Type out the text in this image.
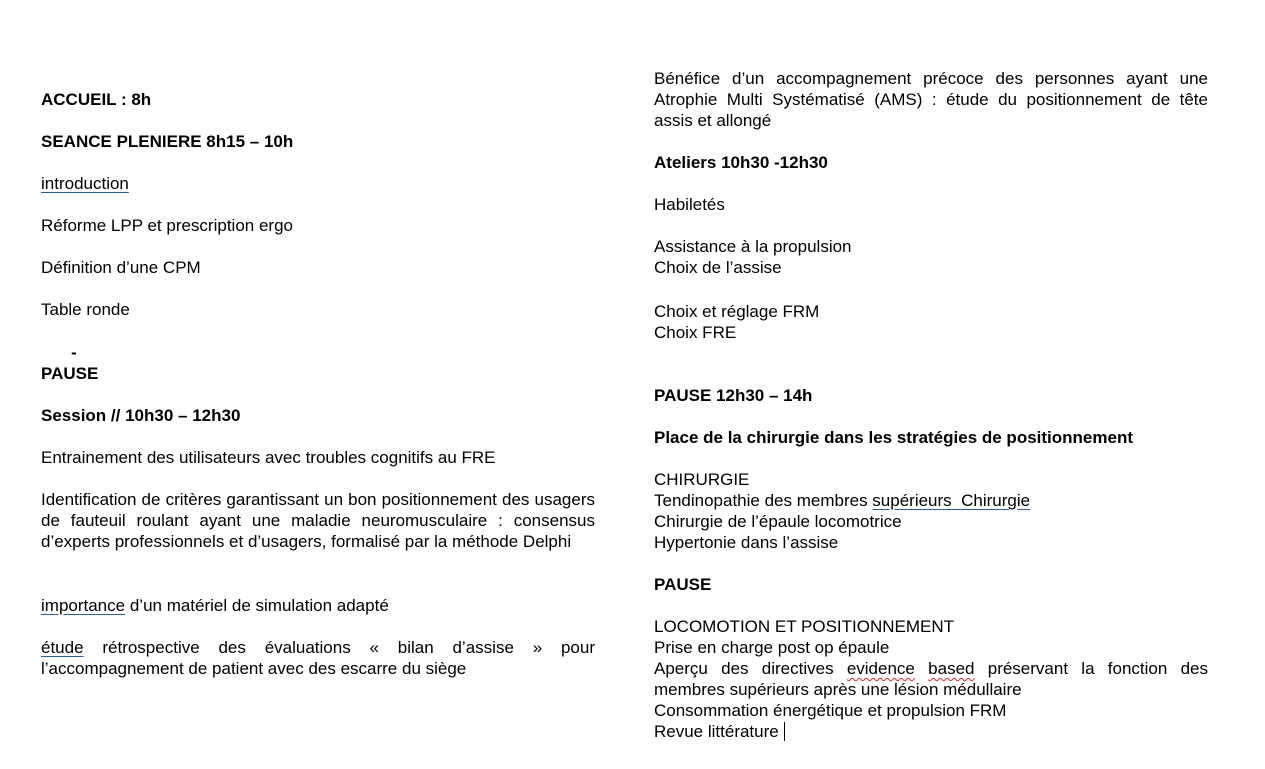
ACCUEIL : 8h

SEANCE PLENIERE 8h15 – 10h

introduction

Réforme LPP et prescription ergo

Définition d’une CPM

Table ronde

-

PAUSE

Session // 10h30 – 12h30

Entrainement des utilisateurs avec troubles cognitifs au FRE

Identification de critères garantissant un bon positionnement des usagers de fauteuil roulant ayant une maladie neuromusculaire : consensus d’experts professionnels et d’usagers, formalisé par la méthode Delphi

importance d’un matériel de simulation adapté

étude rétrospective des évaluations « bilan d’assise » pour l’accompagnement de patient avec des escarre du siège

Bénéfice d’un accompagnement précoce des personnes ayant une Atrophie Multi Systématisé (AMS) : étude du positionnement de tête assis et allongé

Ateliers 10h30 -12h30

Habiletés

Assistance à la propulsion

Choix de l’assise

Choix et réglage FRM

Choix FRE

PAUSE 12h30 – 14h

Place de la chirurgie dans les stratégies de positionnement

CHIRURGIE

Tendinopathie des membres supérieurs  Chirurgie

Chirurgie de l’épaule locomotrice

Hypertonie dans l’assise

PAUSE

LOCOMOTION ET POSITIONNEMENT

Prise en charge post op épaule

Aperçu des directives evidence based préservant la fonction des membres supérieurs après une lésion médullaire

Consommation énergétique et propulsion FRM

Revue littérature
